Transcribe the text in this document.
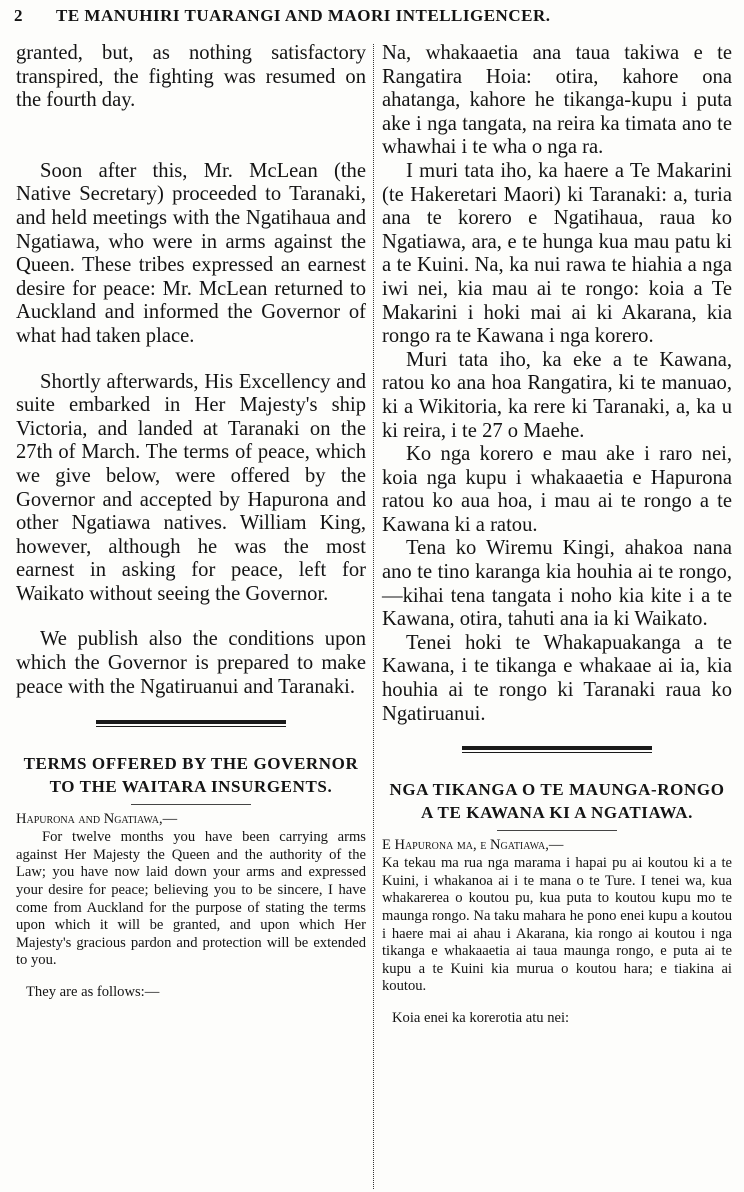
2 TE MANUHIRI TUARANGI AND MAORI INTELLIGENCER.

granted, but, as nothing satisfactory transpired, the fighting was resumed on the fourth day.

Soon after this, Mr. McLean (the Native Secretary) proceeded to Taranaki, and held meetings with the Ngatihaua and Ngatiawa, who were in arms against the Queen. These tribes expressed an earnest desire for peace: Mr. McLean returned to Auckland and informed the Governor of what had taken place.

Shortly afterwards, His Excellency and suite embarked in Her Majesty's ship Victoria, and landed at Taranaki on the 27th of March. The terms of peace, which we give below, were offered by the Governor and accepted by Hapurona and other Ngatiawa natives. William King, however, although he was the most earnest in asking for peace, left for Waikato without seeing the Governor.

We publish also the conditions upon which the Governor is prepared to make peace with the Ngatiruanui and Taranaki.

TERMS OFFERED BY THE GOVERNOR

TO THE WAITARA INSURGENTS.

Hapurona and Ngatiawa,—

For twelve months you have been carrying arms against Her Majesty the Queen and the authority of the Law; you have now laid down your arms and expressed your desire for peace; believing you to be sincere, I have come from Auckland for the purpose of stating the terms upon which it will be granted, and upon which Her Majesty's gracious pardon and protection will be extended to you.

They are as follows:—

Na, whakaaetia ana taua takiwa e te Rangatira Hoia: otira, kahore ona ahatanga, kahore he tikanga-kupu i puta ake i nga tangata, na reira ka timata ano te whawhai i te wha o nga ra.

I muri tata iho, ka haere a Te Makarini (te Hakeretari Maori) ki Taranaki: a, turia ana te korero e Ngatihaua, raua ko Ngatiawa, ara, e te hunga kua mau patu ki a te Kuini. Na, ka nui rawa te hiahia a nga iwi nei, kia mau ai te rongo: koia a Te Makarini i hoki mai ai ki Akarana, kia rongo ra te Kawana i nga korero.

Muri tata iho, ka eke a te Kawana, ratou ko ana hoa Rangatira, ki te manuao, ki a Wikitoria, ka rere ki Taranaki, a, ka u ki reira, i te 27 o Maehe.

Ko nga korero e mau ake i raro nei, koia nga kupu i whakaaetia e Hapurona ratou ko aua hoa, i mau ai te rongo a te Kawana ki a ratou.

Tena ko Wiremu Kingi, ahakoa nana ano te tino karanga kia houhia ai te rongo,—kihai tena tangata i noho kia kite i a te Kawana, otira, tahuti ana ia ki Waikato.

Tenei hoki te Whakapuakanga a te Kawana, i te tikanga e whakaae ai ia, kia houhia ai te rongo ki Taranaki raua ko Ngatiruanui.

NGA TIKANGA O TE MAUNGA-RONGO

A TE KAWANA KI A NGATIAWA.

E Hapurona ma, e Ngatiawa,—

Ka tekau ma rua nga marama i hapai pu ai koutou ki a te Kuini, i whakanoa ai i te mana o te Ture. I tenei wa, kua whakarerea o koutou pu, kua puta to koutou kupu mo te maunga rongo. Na taku mahara he pono enei kupu a koutou i haere mai ai ahau i Akarana, kia rongo ai koutou i nga tikanga e whakaaetia ai taua maunga rongo, e puta ai te kupu a te Kuini kia murua o koutou hara; e tiakina ai koutou.

Koia enei ka korerotia atu nei:
